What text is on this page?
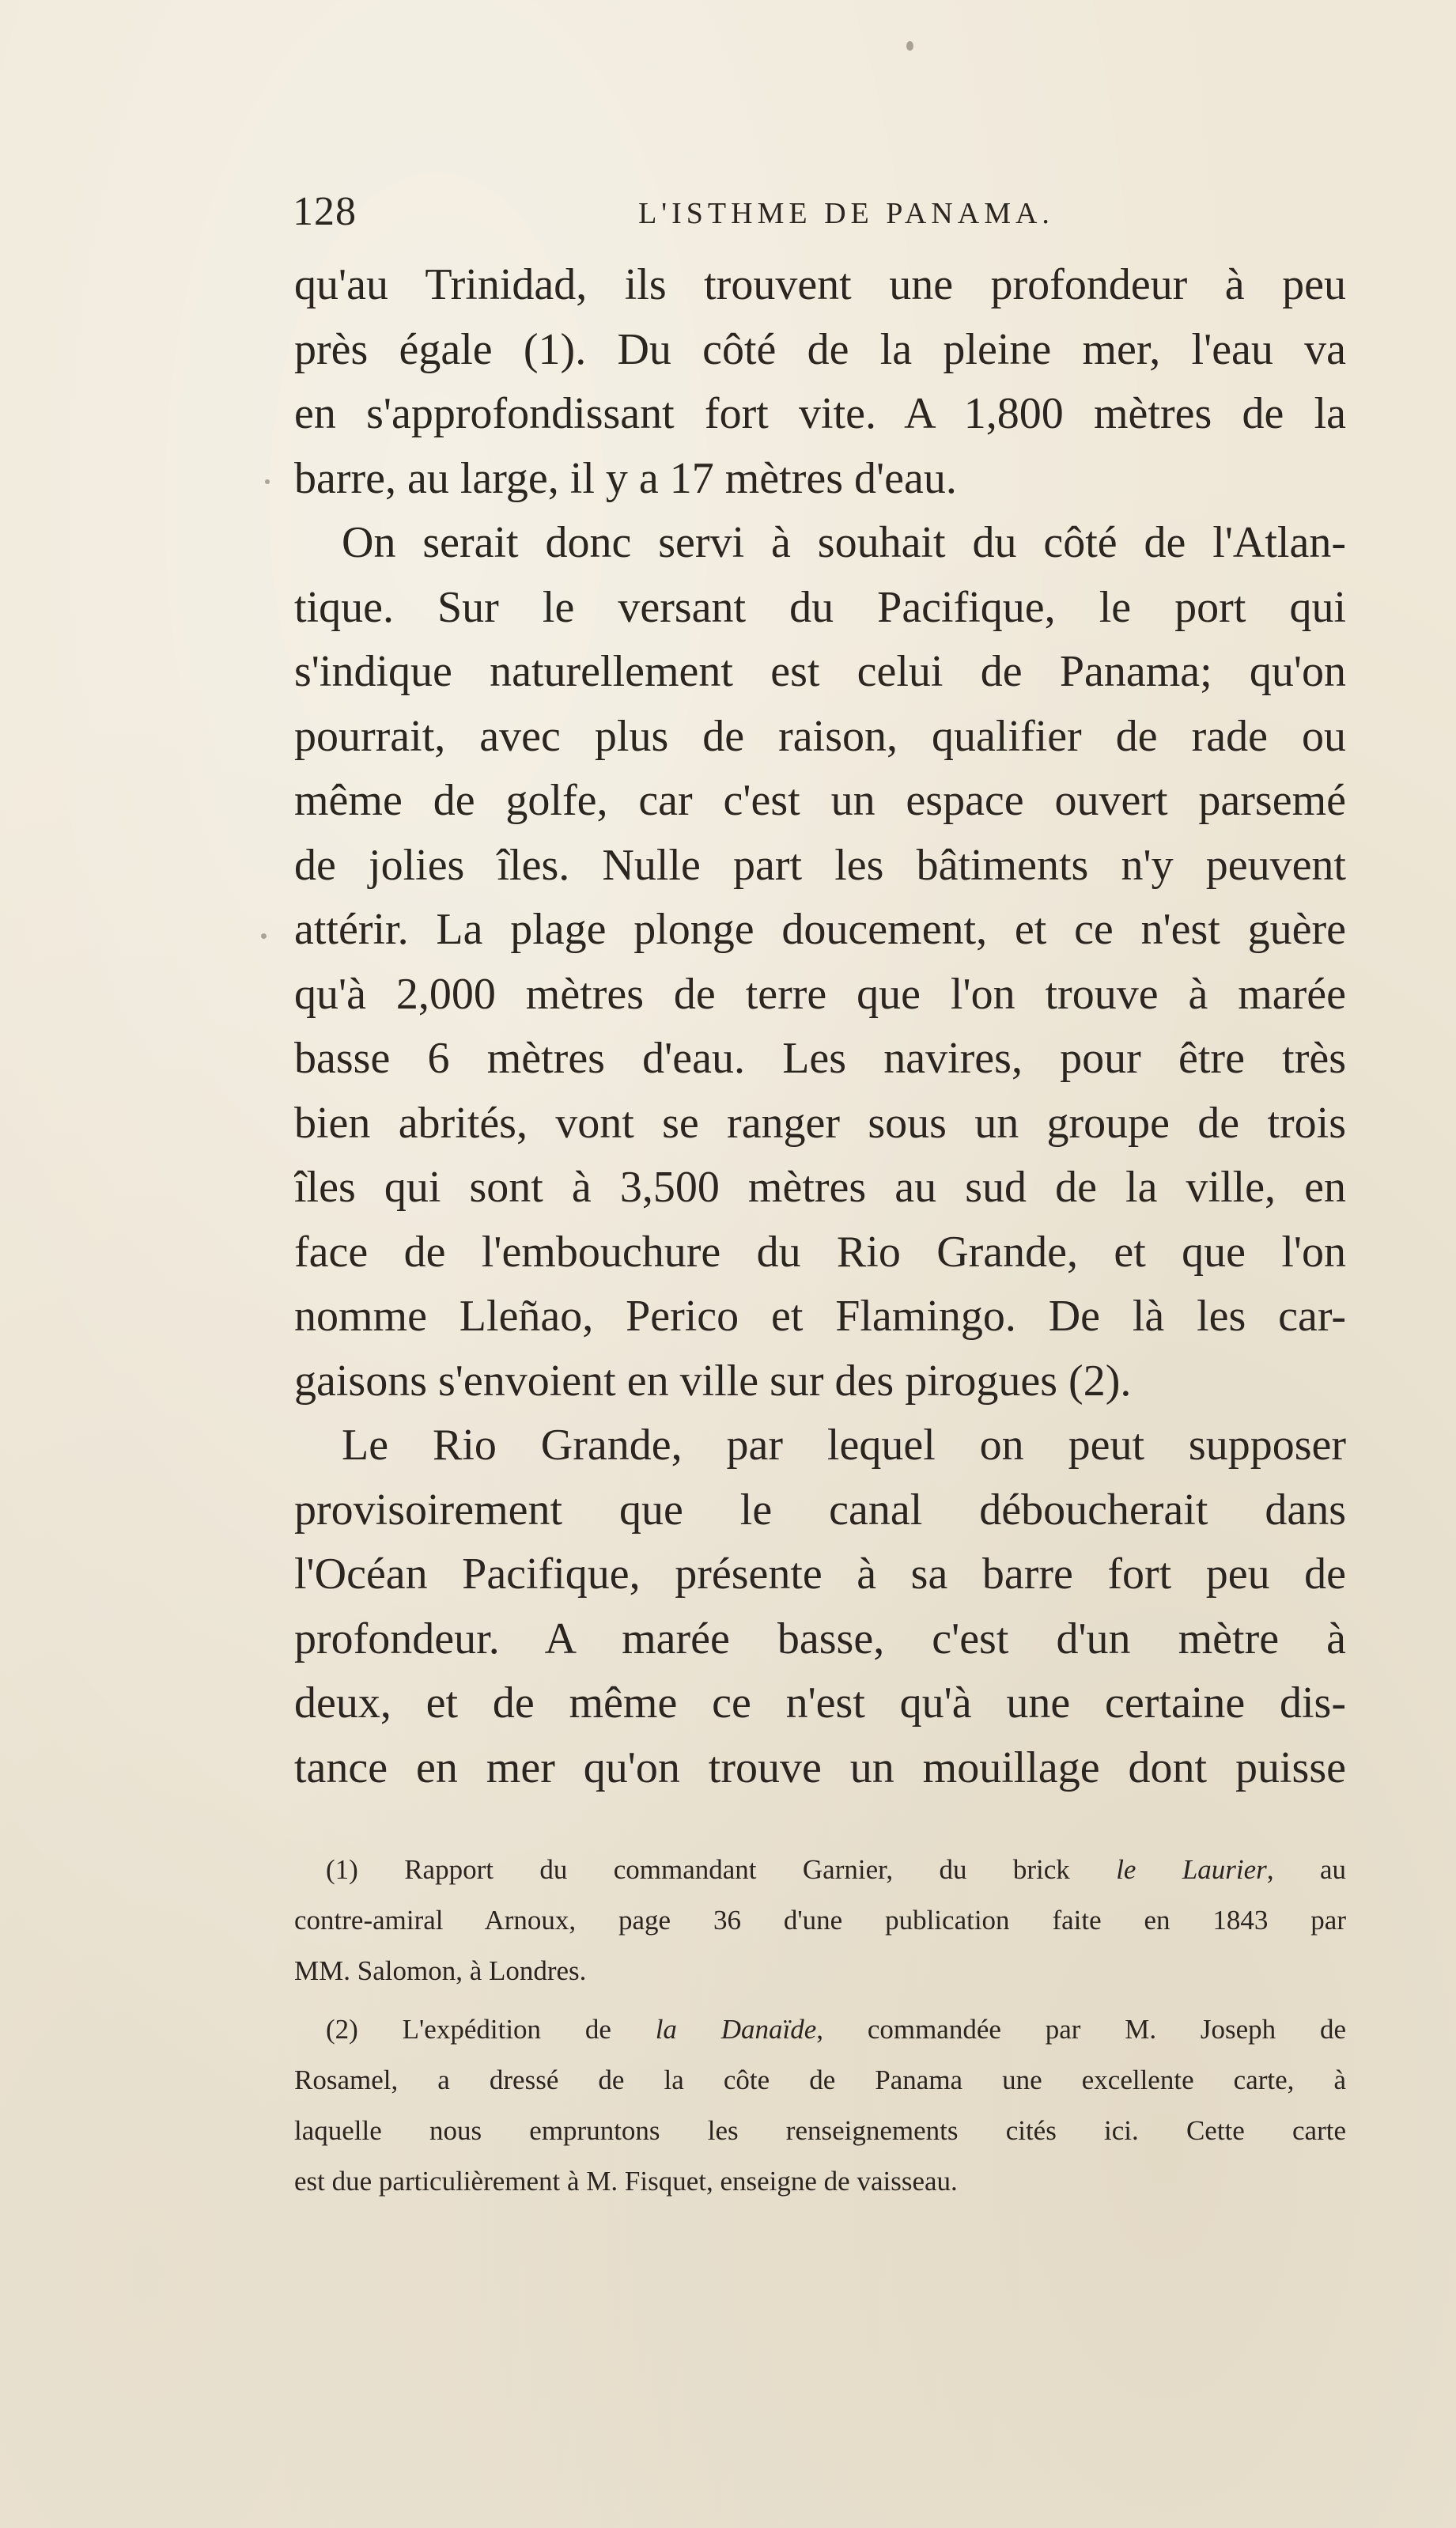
128	L'ISTHME DE PANAMA.
qu'au Trinidad, ils trouvent une profondeur à peu
près égale (1). Du côté de la pleine mer, l'eau va
en s'approfondissant fort vite. A 1,800 mètres de la
barre, au large, il y a 17 mètres d'eau.
On serait donc servi à souhait du côté de l'Atlan-
tique. Sur le versant du Pacifique, le port qui
s'indique naturellement est celui de Panama; qu'on
pourrait, avec plus de raison, qualifier de rade ou
même de golfe, car c'est un espace ouvert parsemé
de jolies îles. Nulle part les bâtiments n'y peuvent
attérir. La plage plonge doucement, et ce n'est guère
qu'à 2,000 mètres de terre que l'on trouve à marée
basse 6 mètres d'eau. Les navires, pour être très
bien abrités, vont se ranger sous un groupe de trois
îles qui sont à 3,500 mètres au sud de la ville, en
face de l'embouchure du Rio Grande, et que l'on
nomme Lleñao, Perico et Flamingo. De là les car-
gaisons s'envoient en ville sur des pirogues (2).
Le Rio Grande, par lequel on peut supposer
provisoirement que le canal déboucherait dans
l'Océan Pacifique, présente à sa barre fort peu de
profondeur. A marée basse, c'est d'un mètre à
deux, et de même ce n'est qu'à une certaine dis-
tance en mer qu'on trouve un mouillage dont puisse
(1) Rapport du commandant Garnier, du brick le Laurier, au
contre-amiral Arnoux, page 36 d'une publication faite en 1843 par
MM. Salomon, à Londres.
(2) L'expédition de la Danaïde, commandée par M. Joseph de
Rosamel, a dressé de la côte de Panama une excellente carte, à
laquelle nous empruntons les renseignements cités ici. Cette carte
est due particulièrement à M. Fisquet, enseigne de vaisseau.
